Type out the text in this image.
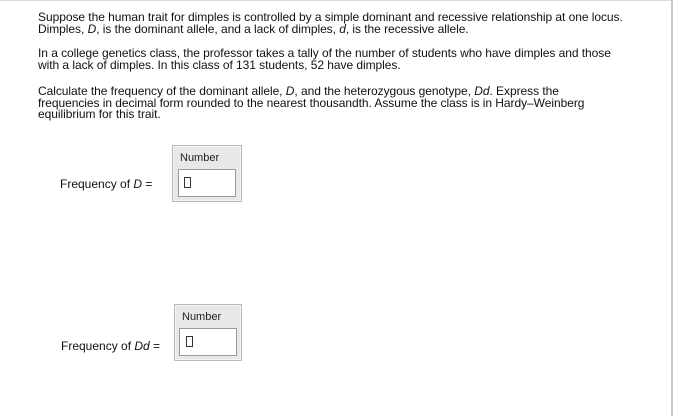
Suppose the human trait for dimples is controlled by a simple dominant and recessive relationship at one locus. Dimples, D, is the dominant allele, and a lack of dimples, d, is the recessive allele.
In a college genetics class, the professor takes a tally of the number of students who have dimples and those with a lack of dimples. In this class of 131 students, 52 have dimples.
Calculate the frequency of the dominant allele, D, and the heterozygous genotype, Dd. Express the frequencies in decimal form rounded to the nearest thousandth. Assume the class is in Hardy–Weinberg equilibrium for this trait.
Frequency of D =
Number
Frequency of Dd =
Number
